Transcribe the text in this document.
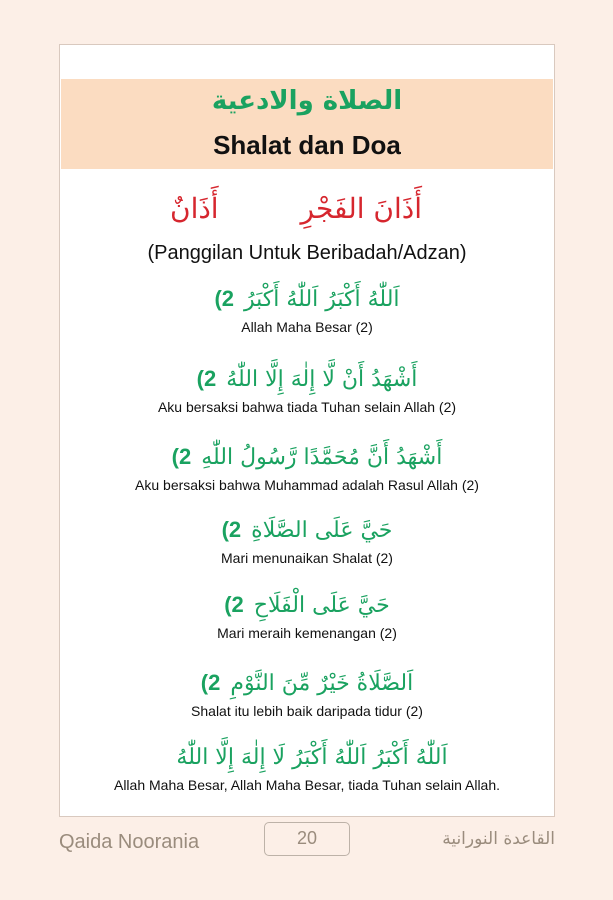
الصلاة والادعية
Shalat dan Doa
أَذَانَ الفَجْرِ
أَذَانٌ
(Panggilan Untuk Beribadah/Adzan)
اَللّٰهُ أَكْبَرُ اَللّٰهُ أَكْبَرُ(2
Allah Maha Besar (2)
أَشْهَدُ أَنْ لَّا إِلٰهَ إِلَّا اللّٰهُ(2
Aku bersaksi bahwa tiada Tuhan selain Allah (2)
أَشْهَدُ أَنَّ مُحَمَّدًا رَّسُولُ اللّٰهِ(2
Aku bersaksi bahwa Muhammad adalah Rasul Allah (2)
حَيَّ عَلَى الصَّلَاةِ(2
Mari menunaikan Shalat (2)
حَيَّ عَلَى الْفَلَاحِ(2
Mari meraih kemenangan (2)
اَلصَّلَاةُ خَيْرٌ مِّنَ النَّوْمِ(2
Shalat itu lebih baik daripada tidur (2)
اَللّٰهُ أَكْبَرُ اَللّٰهُ أَكْبَرُ لَا إِلٰهَ إِلَّا اللّٰهُ
Allah Maha Besar, Allah Maha Besar, tiada Tuhan selain Allah.
Qaida Noorania	20	القاعدة النورانية
